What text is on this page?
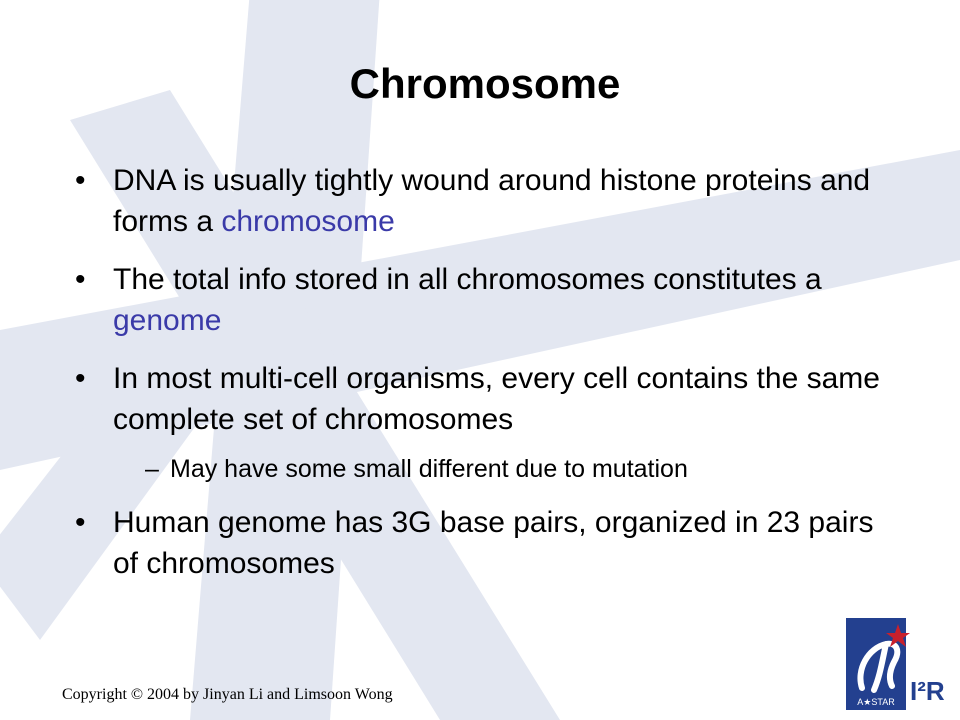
Chromosome
• DNA is usually tightly wound around histone proteins and forms a chromosome
• The total info stored in all chromosomes constitutes a genome
• In most multi-cell organisms, every cell contains the same complete set of chromosomes
– May have some small different due to mutation
• Human genome has 3G base pairs, organized in 23 pairs of chromosomes
Copyright © 2004 by Jinyan Li and Limsoon Wong	A★STAR I²R
